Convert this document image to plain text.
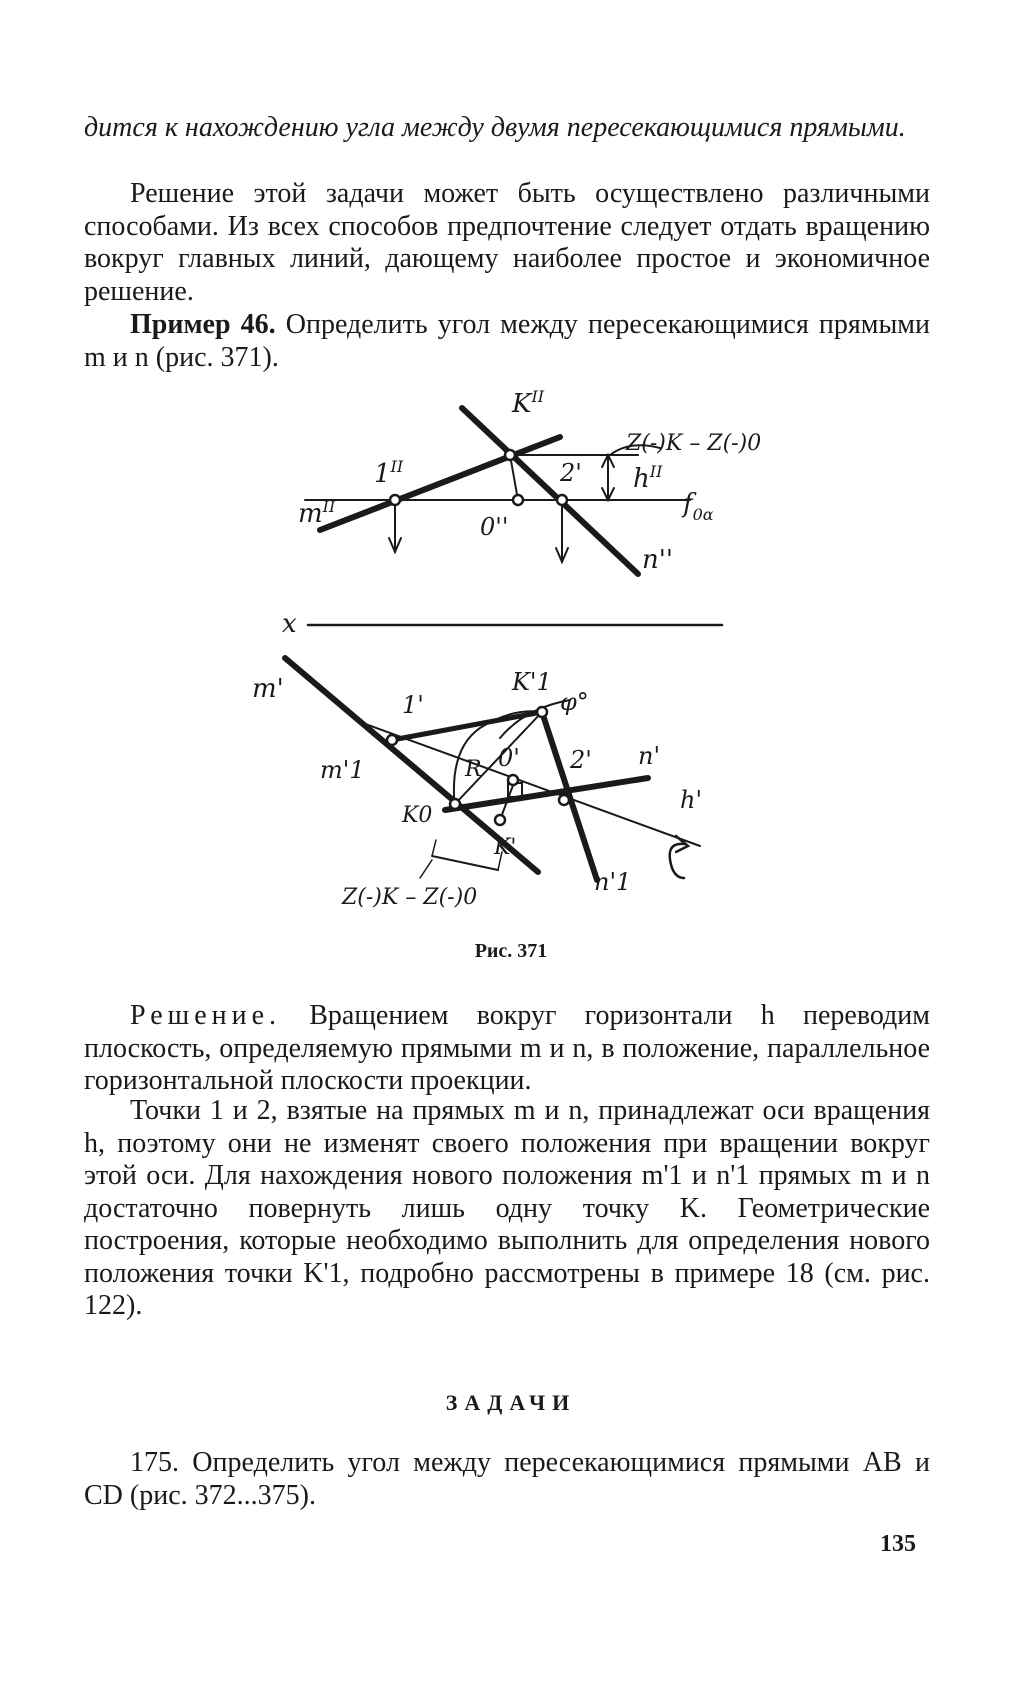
дится к нахождению угла между двумя пересекающимися прямыми.

Решение этой задачи может быть осуществлено различными способами. Из всех способов предпочтение следует отдать вращению вокруг главных линий, дающему наиболее простое и экономичное решение.

Пример 46. Определить угол между пересекающимися прямыми m и n (рис. 371).

$K^{II}$
Z(-)K – Z(-)0
$h^{II}$
$1^{II}$
$m^{II}$
2'
0''
$f_{0\alpha}$
n''
x
m'	K'1
φ°
1'
m'1	R 0' 2' n'
h'
K0
K'
n'1
Z(-)K – Z(-)0
Рис. 371

Решение. Вращением вокруг горизонтали h переводим плоскость, определяемую прямыми m и n, в положение, параллельное горизонтальной плоскости проекции.

Точки 1 и 2, взятые на прямых m и n, принадлежат оси вращения h, поэтому они не изменят своего положения при вращении вокруг этой оси. Для нахождения нового положения m'1 и n'1 прямых m и n достаточно повернуть лишь одну точку K. Геометрические построения, которые необходимо выполнить для определения нового положения точки K'1, подробно рассмотрены в примере 18 (см. рис. 122).

ЗАДАЧИ

175. Определить угол между пересекающимися прямыми AB и CD (рис. 372...375).

135
